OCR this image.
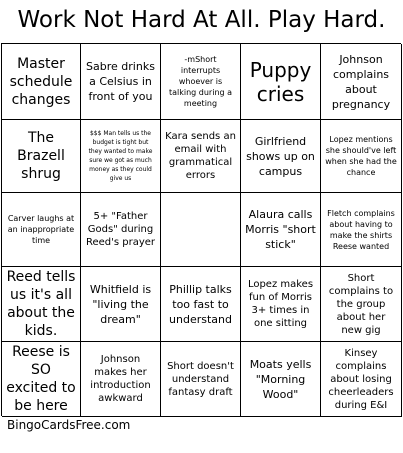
Work Not Hard At All. Play Hard.
Master schedule changes
Sabre drinks a Celsius in front of you
-mShort interrupts whoever is talking during a meeting
Puppy cries
Johnson complains about pregnancy
The Brazell shrug
$$$ Man tells us the budget is tight but they wanted to make sure we got as much money as they could give us
Kara sends an email with grammatical errors
Girlfriend shows up on campus
Lopez mentions she should've left when she had the chance
Carver laughs at an inappropriate time
5+ "Father Gods" during Reed's prayer
Alaura calls Morris "short stick"
Fletch complains about having to make the shirts Reese wanted
Reed tells us it's all about the kids.
Whitfield is "living the dream"
Phillip talks too fast to understand
Lopez makes fun of Morris 3+ times in one sitting
Short complains to the group about her new gig
Reese is SO excited to be here
Johnson makes her introduction awkward
Short doesn't understand fantasy draft
Moats yells "Morning Wood"
Kinsey complains about losing cheerleaders during E&I
BingoCardsFree.com
